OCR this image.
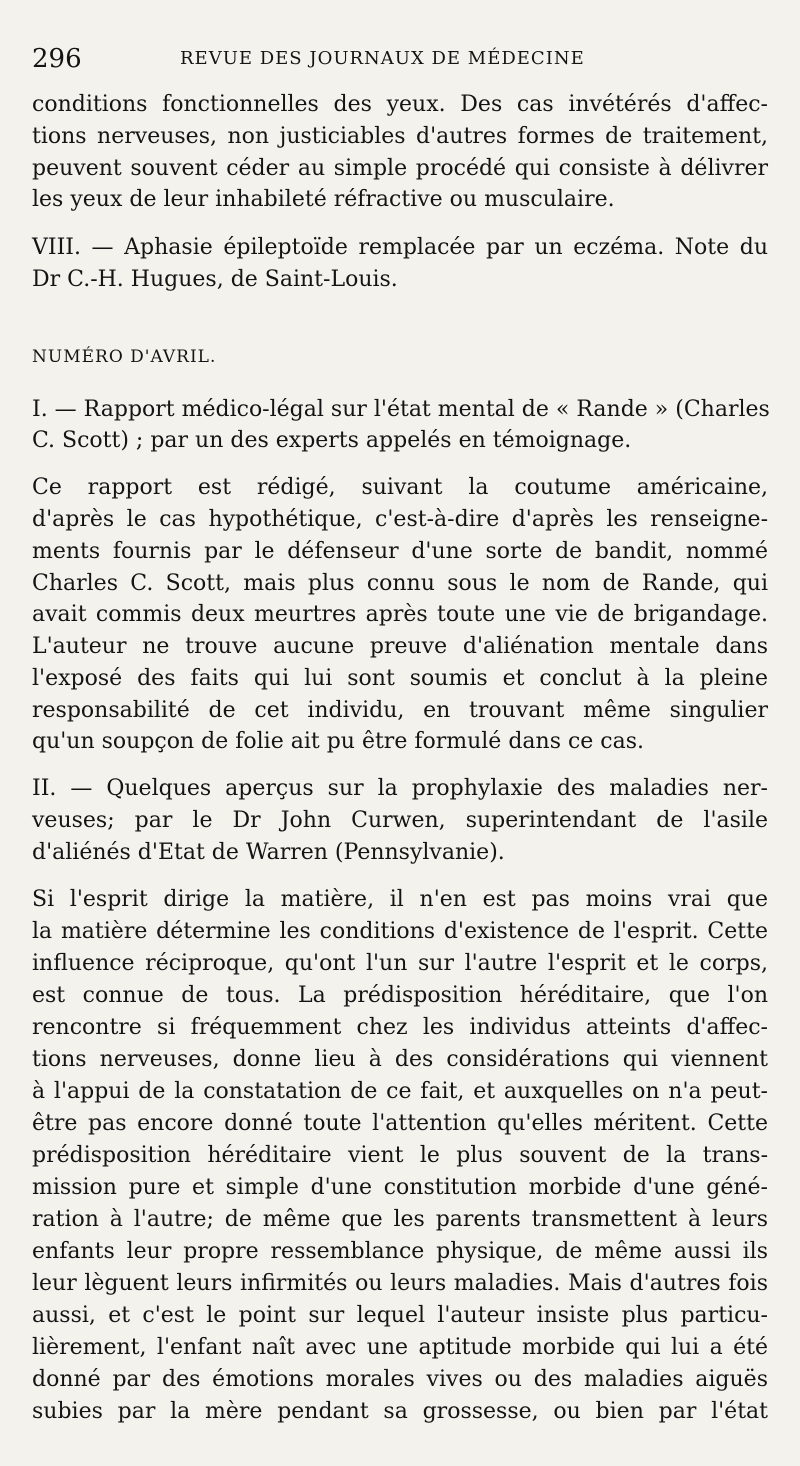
296	REVUE DES JOURNAUX DE MÉDECINE
conditions fonctionnelles des yeux. Des cas invétérés d'affec-
tions nerveuses, non justiciables d'autres formes de traitement,
peuvent souvent céder au simple procédé qui consiste à délivrer
les yeux de leur inhabileté réfractive ou musculaire.
VIII. — Aphasie épileptoïde remplacée par un eczéma. Note du
Dr C.-H. Hugues, de Saint-Louis.
NUMÉRO D'AVRIL.
I. — Rapport médico-légal sur l'état mental de « Rande » (Charles
C. Scott) ; par un des experts appelés en témoignage.
Ce rapport est rédigé, suivant la coutume américaine,
d'après le cas hypothétique, c'est-à-dire d'après les renseigne-
ments fournis par le défenseur d'une sorte de bandit, nommé
Charles C. Scott, mais plus connu sous le nom de Rande, qui
avait commis deux meurtres après toute une vie de brigandage.
L'auteur ne trouve aucune preuve d'aliénation mentale dans
l'exposé des faits qui lui sont soumis et conclut à la pleine
responsabilité de cet individu, en trouvant même singulier
qu'un soupçon de folie ait pu être formulé dans ce cas.
II. — Quelques aperçus sur la prophylaxie des maladies ner-
veuses; par le Dr John Curwen, superintendant de l'asile
d'aliénés d'Etat de Warren (Pennsylvanie).
Si l'esprit dirige la matière, il n'en est pas moins vrai que
la matière détermine les conditions d'existence de l'esprit. Cette
influence réciproque, qu'ont l'un sur l'autre l'esprit et le corps,
est connue de tous. La prédisposition héréditaire, que l'on
rencontre si fréquemment chez les individus atteints d'affec-
tions nerveuses, donne lieu à des considérations qui viennent
à l'appui de la constatation de ce fait, et auxquelles on n'a peut-
être pas encore donné toute l'attention qu'elles méritent. Cette
prédisposition héréditaire vient le plus souvent de la trans-
mission pure et simple d'une constitution morbide d'une géné-
ration à l'autre; de même que les parents transmettent à leurs
enfants leur propre ressemblance physique, de même aussi ils
leur lèguent leurs infirmités ou leurs maladies. Mais d'autres fois
aussi, et c'est le point sur lequel l'auteur insiste plus particu-
lièrement, l'enfant naît avec une aptitude morbide qui lui a été
donné par des émotions morales vives ou des maladies aiguës
subies par la mère pendant sa grossesse, ou bien par l'état
